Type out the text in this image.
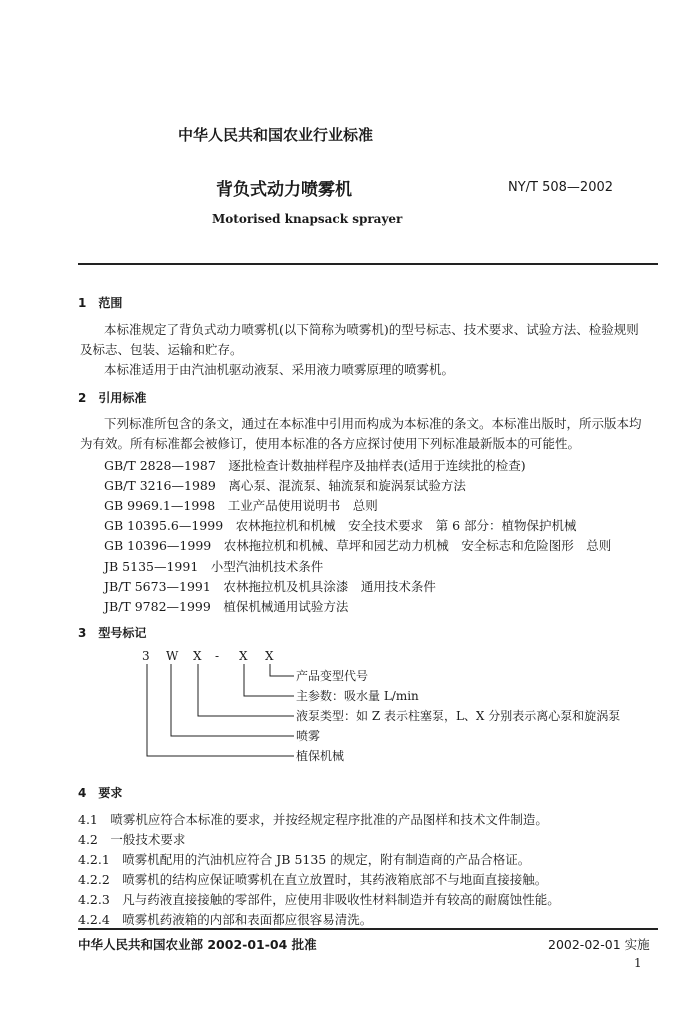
中华人民共和国农业行业标准
背负式动力喷雾机	NY/T 508—2002
Motorised knapsack sprayer
1　范围
本标准规定了背负式动力喷雾机(以下简称为喷雾机)的型号标志、技术要求、试验方法、检验规则
及标志、包装、运输和贮存。
本标准适用于由汽油机驱动液泵、采用液力喷雾原理的喷雾机。
2　引用标准
下列标准所包含的条文，通过在本标准中引用而构成为本标准的条文。本标准出版时，所示版本均
为有效。所有标准都会被修订，使用本标准的各方应探讨使用下列标准最新版本的可能性。
GB/T 2828—1987　逐批检查计数抽样程序及抽样表(适用于连续批的检查)
GB/T 3216—1989　离心泵、混流泵、轴流泵和旋涡泵试验方法
GB 9969.1—1998　工业产品使用说明书　总则
GB 10395.6—1999　农林拖拉机和机械　安全技术要求　第 6 部分：植物保护机械
GB 10396—1999　农林拖拉机和机械、草坪和园艺动力机械　安全标志和危险图形　总则
JB 5135—1991　小型汽油机技术条件
JB/T 5673—1991　农林拖拉机及机具涂漆　通用技术条件
JB/T 9782—1999　植保机械通用试验方法
3　型号标记
3 W X - X X
产品变型代号
主参数：吸水量 L/min
液泵类型：如 Z 表示柱塞泵，L、X 分别表示离心泵和旋涡泵
喷雾
植保机械
4　要求
4.1　喷雾机应符合本标准的要求，并按经规定程序批准的产品图样和技术文件制造。
4.2　一般技术要求
4.2.1　喷雾机配用的汽油机应符合 JB 5135 的规定，附有制造商的产品合格证。
4.2.2　喷雾机的结构应保证喷雾机在直立放置时，其药液箱底部不与地面直接接触。
4.2.3　凡与药液直接接触的零部件，应使用非吸收性材料制造并有较高的耐腐蚀性能。
4.2.4　喷雾机药液箱的内部和表面都应很容易清洗。
中华人民共和国农业部 2002-01-04 批准	2002-02-01 实施
1
